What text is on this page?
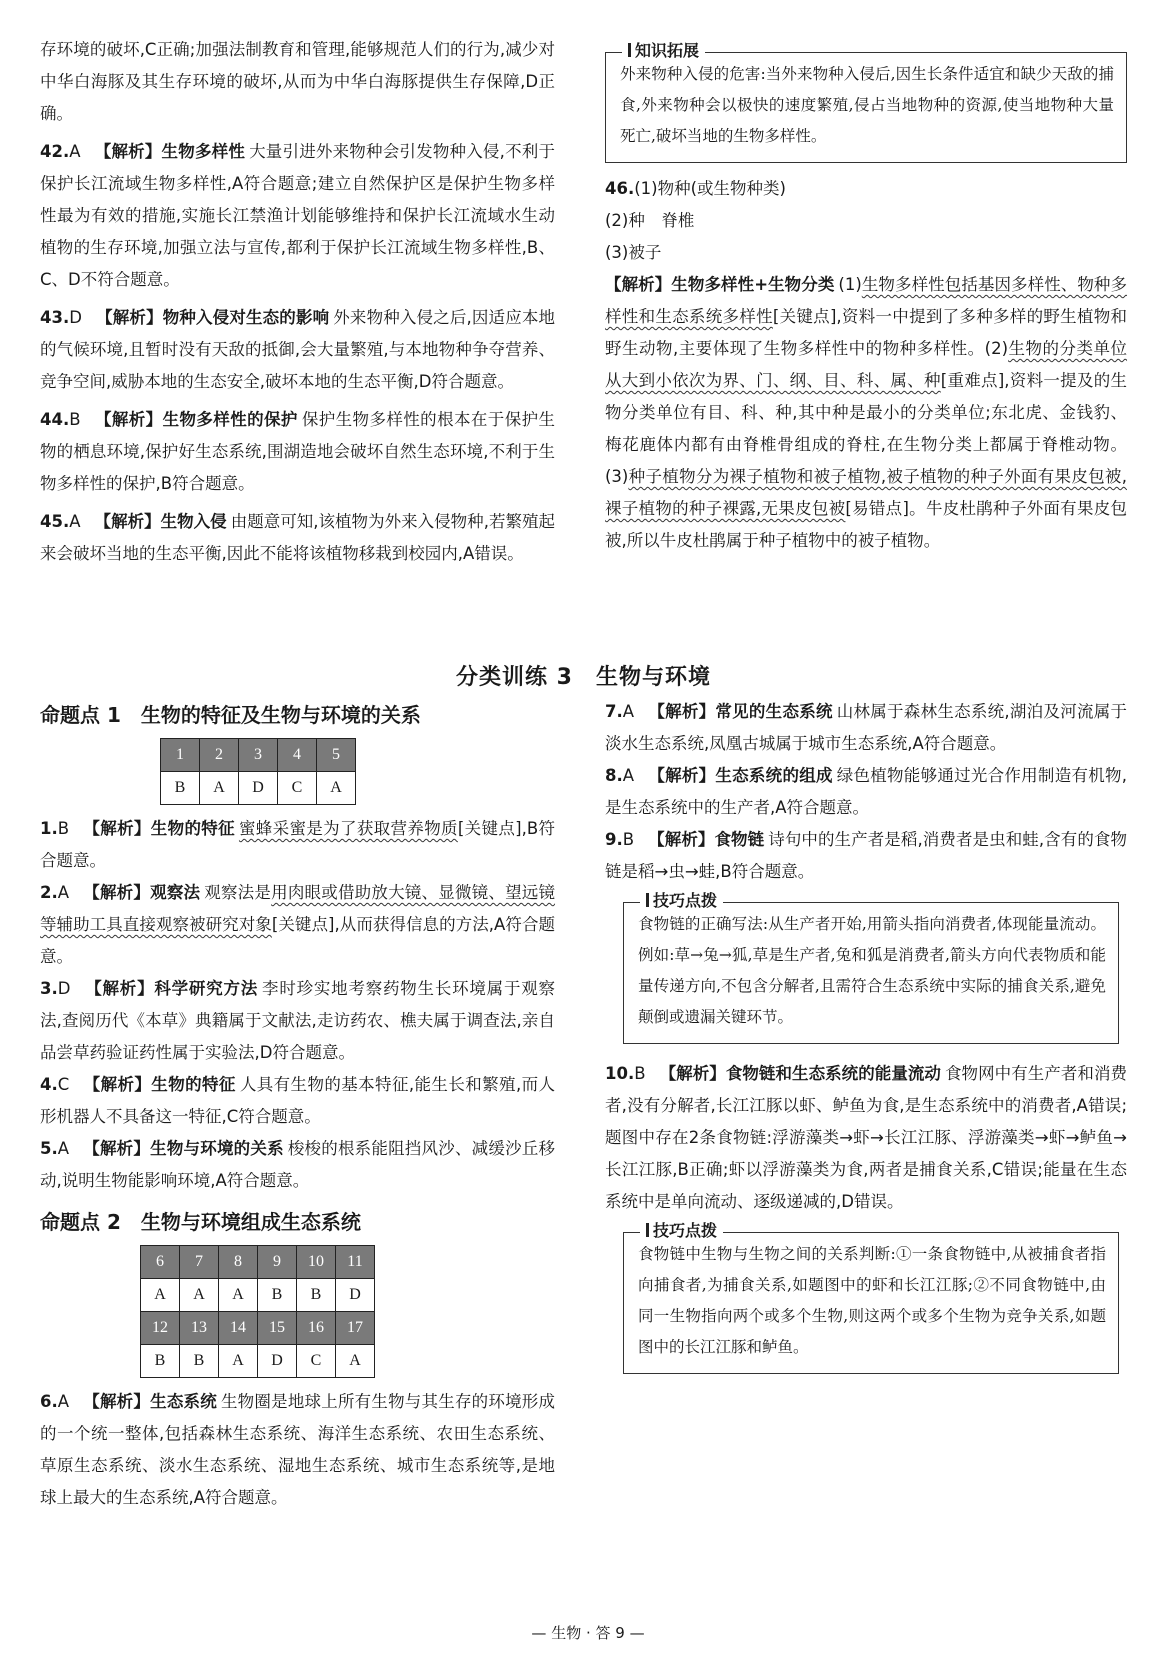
存环境的破坏,C正确;加强法制教育和管理,能够规范人们的行为,减少对中华白海豚及其生存环境的破坏,从而为中华白海豚提供生存保障,D正确。

42.A 【解析】生物多样性 大量引进外来物种会引发物种入侵,不利于保护长江流域生物多样性,A符合题意;建立自然保护区是保护生物多样性最为有效的措施,实施长江禁渔计划能够维持和保护长江流域水生动植物的生存环境,加强立法与宣传,都利于保护长江流域生物多样性,B、C、D不符合题意。

43.D 【解析】物种入侵对生态的影响 外来物种入侵之后,因适应本地的气候环境,且暂时没有天敌的抵御,会大量繁殖,与本地物种争夺营养、竞争空间,威胁本地的生态安全,破坏本地的生态平衡,D符合题意。

44.B 【解析】生物多样性的保护 保护生物多样性的根本在于保护生物的栖息环境,保护好生态系统,围湖造地会破坏自然生态环境,不利于生物多样性的保护,B符合题意。

45.A 【解析】生物入侵 由题意可知,该植物为外来入侵物种,若繁殖起来会破坏当地的生态平衡,因此不能将该植物移栽到校园内,A错误。

分类训练 3　生物与环境
命题点 1　生物的特征及生物与环境的关系
1	2	3	4	5
B	A	D	C	A

1.B 【解析】生物的特征 蜜蜂采蜜是为了获取营养物质[关键点],B符合题意。

2.A 【解析】观察法 观察法是用肉眼或借助放大镜、显微镜、望远镜等辅助工具直接观察被研究对象[关键点],从而获得信息的方法,A符合题意。

3.D 【解析】科学研究方法 李时珍实地考察药物生长环境属于观察法,查阅历代《本草》典籍属于文献法,走访药农、樵夫属于调查法,亲自品尝草药验证药性属于实验法,D符合题意。

4.C 【解析】生物的特征 人具有生物的基本特征,能生长和繁殖,而人形机器人不具备这一特征,C符合题意。

5.A 【解析】生物与环境的关系 梭梭的根系能阻挡风沙、减缓沙丘移动,说明生物能影响环境,A符合题意。

命题点 2　生物与环境组成生态系统
6	7	8	9	10	11
A	A	A	B	B	D
12	13	14	15	16	17
B	B	A	D	C	A

6.A 【解析】生态系统 生物圈是地球上所有生物与其生存的环境形成的一个统一整体,包括森林生态系统、海洋生态系统、农田生态系统、草原生态系统、淡水生态系统、湿地生态系统、城市生态系统等,是地球上最大的生态系统,A符合题意。

知识拓展
外来物种入侵的危害:当外来物种入侵后,因生长条件适宜和缺少天敌的捕食,外来物种会以极快的速度繁殖,侵占当地物种的资源,使当地物种大量死亡,破坏当地的生物多样性。

46.(1)物种(或生物种类)

(2)种　脊椎

(3)被子

【解析】生物多样性+生物分类 (1)生物多样性包括基因多样性、物种多样性和生态系统多样性[关键点],资料一中提到了多种多样的野生植物和野生动物,主要体现了生物多样性中的物种多样性。(2)生物的分类单位从大到小依次为界、门、纲、目、科、属、种[重难点],资料一提及的生物分类单位有目、科、种,其中种是最小的分类单位;东北虎、金钱豹、梅花鹿体内都有由脊椎骨组成的脊柱,在生物分类上都属于脊椎动物。(3)种子植物分为裸子植物和被子植物,被子植物的种子外面有果皮包被,裸子植物的种子裸露,无果皮包被[易错点]。牛皮杜鹃种子外面有果皮包被,所以牛皮杜鹃属于种子植物中的被子植物。

7.A 【解析】常见的生态系统 山林属于森林生态系统,湖泊及河流属于淡水生态系统,凤凰古城属于城市生态系统,A符合题意。

8.A 【解析】生态系统的组成 绿色植物能够通过光合作用制造有机物,是生态系统中的生产者,A符合题意。

9.B 【解析】食物链 诗句中的生产者是稻,消费者是虫和蛙,含有的食物链是稻→虫→蛙,B符合题意。

技巧点拨
食物链的正确写法:从生产者开始,用箭头指向消费者,体现能量流动。例如:草→兔→狐,草是生产者,兔和狐是消费者,箭头方向代表物质和能量传递方向,不包含分解者,且需符合生态系统中实际的捕食关系,避免颠倒或遗漏关键环节。

10.B 【解析】食物链和生态系统的能量流动 食物网中有生产者和消费者,没有分解者,长江江豚以虾、鲈鱼为食,是生态系统中的消费者,A错误;题图中存在2条食物链:浮游藻类→虾→长江江豚、浮游藻类→虾→鲈鱼→长江江豚,B正确;虾以浮游藻类为食,两者是捕食关系,C错误;能量在生态系统中是单向流动、逐级递减的,D错误。

技巧点拨
食物链中生物与生物之间的关系判断:①一条食物链中,从被捕食者指向捕食者,为捕食关系,如题图中的虾和长江江豚;②不同食物链中,由同一生物指向两个或多个生物,则这两个或多个生物为竞争关系,如题图中的长江江豚和鲈鱼。
— 生物 · 答 9 —
